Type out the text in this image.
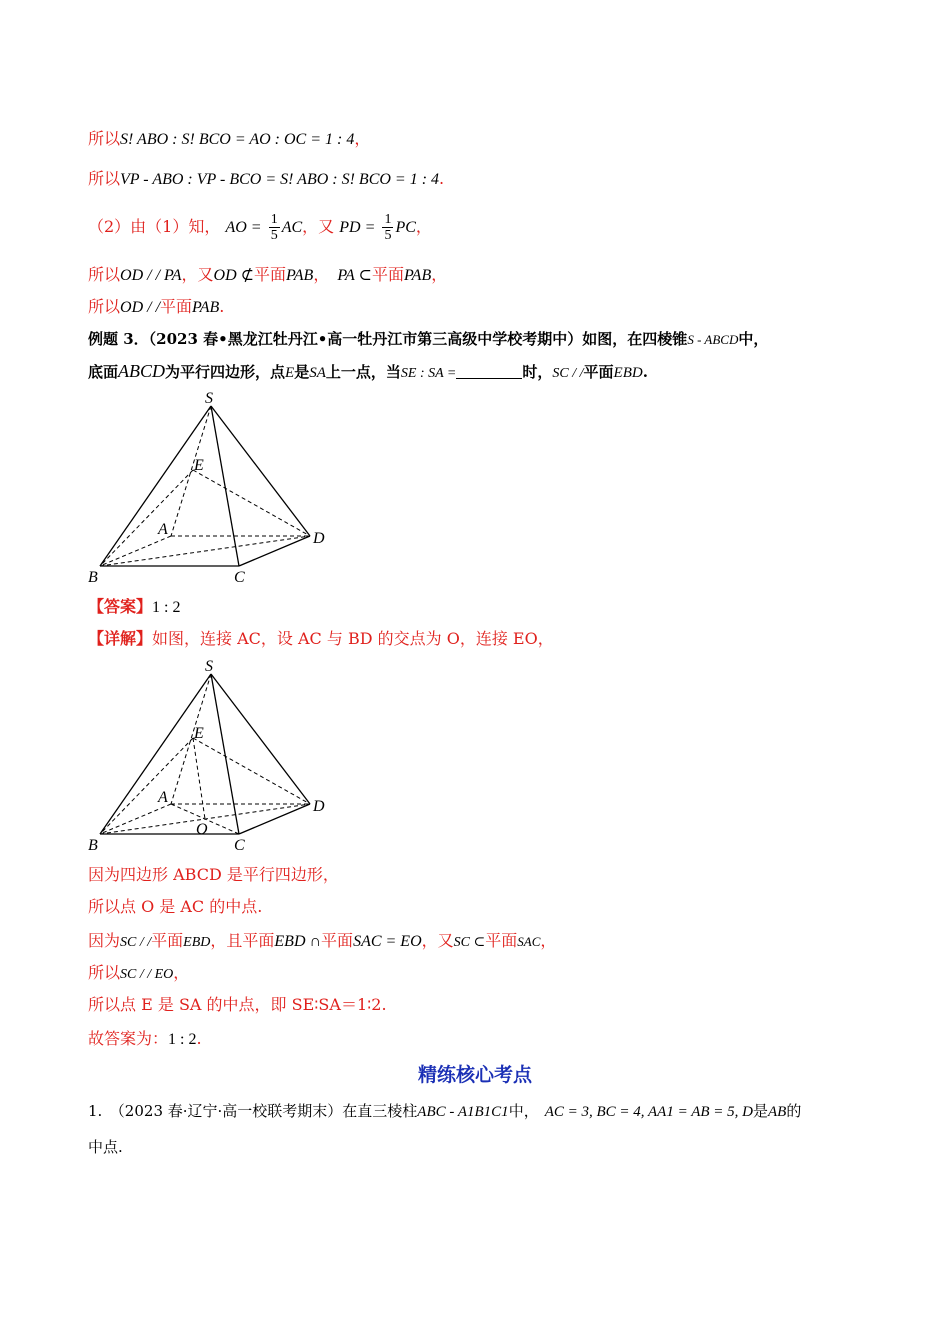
所以S! ABO : S! BCO = AO : OC = 1 : 4，
所以VP - ABO : VP - BCO = S! ABO : S! BCO = 1 : 4.
（2）由（1）知， AO = $\frac{1}{5}$ AC，又 PD = $\frac{1}{5}$ PC，
所以OD / / PA，又OD ⊄平面PAB， PA ⊂平面PAB，
所以OD / /平面PAB.
例题 3．（2023 春•黑龙江牡丹江•高一牡丹江市第三高级中学校考期中）如图，在四棱锥S - ABCD中，
底面ABCD为平行四边形，点E是SA上一点，当SE : SA =	时，SC / /平面EBD.
S
E
A
D
B	C
【答案】1 : 2
【详解】如图，连接 AC，设 AC 与 BD 的交点为 O，连接 EO，
S
E
A
D
O
B	C
因为四边形 ABCD 是平行四边形，
所以点 O 是 AC 的中点.
因为SC / /平面EBD，且平面EBD ∩平面SAC = EO，又SC ⊂平面SAC，
所以SC / / EO，
所以点 E 是 SA 的中点，即 SE∶SA＝1∶2.
故答案为：1 : 2.
精练核心考点
1.　（2023 春·辽宁·高一校联考期末）在直三棱柱ABC - A1B1C1中， AC = 3, BC = 4, AA1 = AB = 5, D是AB的
中点.
